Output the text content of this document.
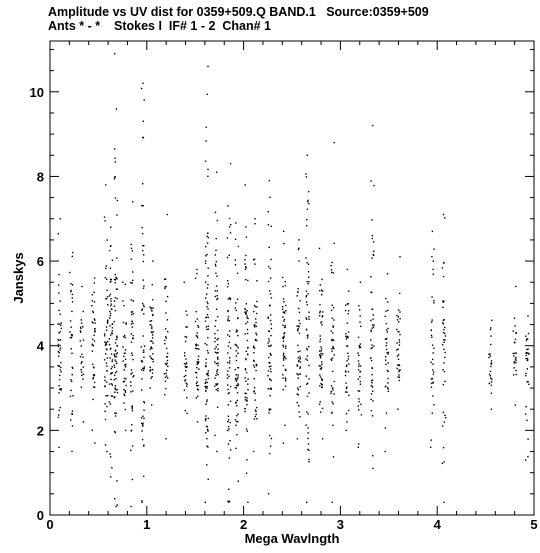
Amplitude vs UV dist for 0359+509.Q BAND.1   Source:0359+509
Ants * - *    Stokes I  IF# 1 - 2  Chan# 1
0	1	2	3	4	5
0
2
4
6
8
10
Mega Wavlngth
Janskys
